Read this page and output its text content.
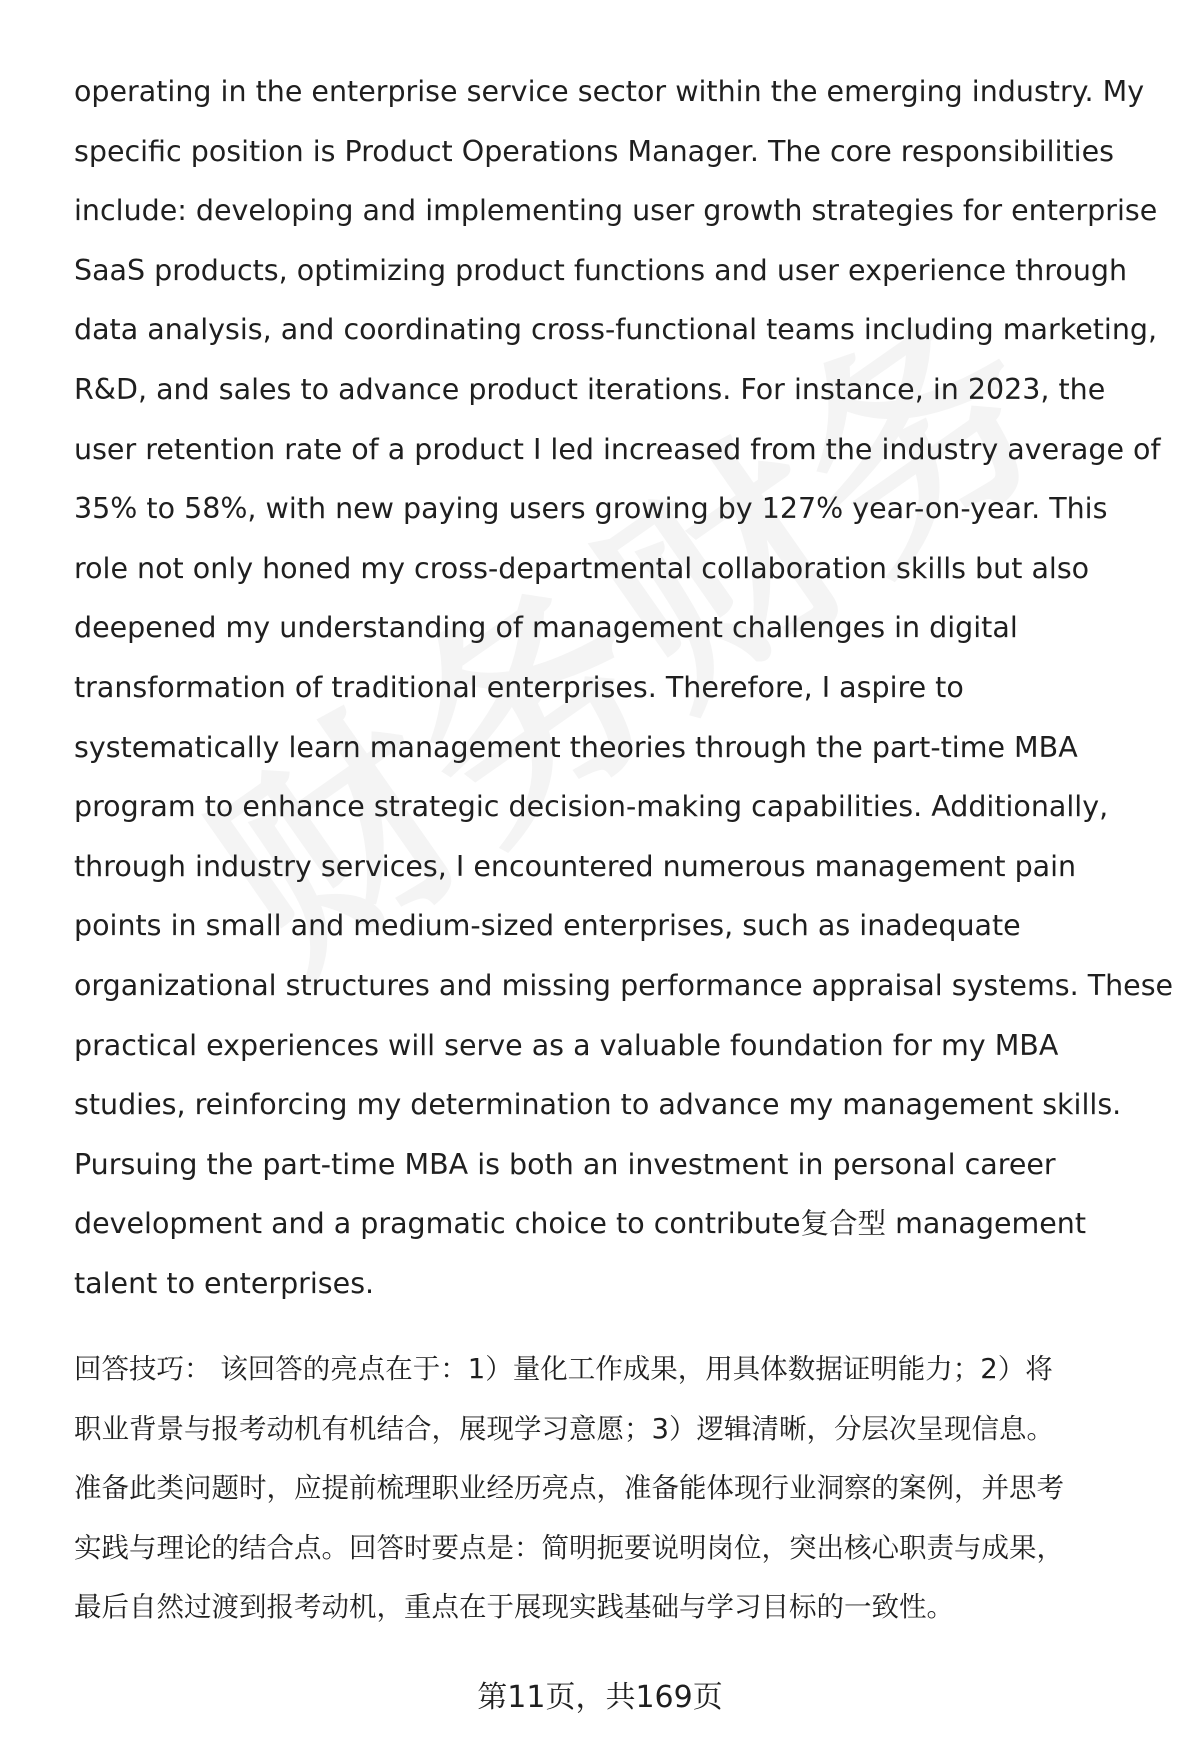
operating in the enterprise service sector within the emerging industry. My
specific position is Product Operations Manager. The core responsibilities
include: developing and implementing user growth strategies for enterprise
SaaS products, optimizing product functions and user experience through
data analysis, and coordinating cross-functional teams including marketing,
R&D, and sales to advance product iterations. For instance, in 2023, the
user retention rate of a product I led increased from the industry average of
35% to 58%, with new paying users growing by 127% year-on-year. This
role not only honed my cross-departmental collaboration skills but also
deepened my understanding of management challenges in digital
transformation of traditional enterprises. Therefore, I aspire to
systematically learn management theories through the part-time MBA
program to enhance strategic decision-making capabilities. Additionally,
through industry services, I encountered numerous management pain
points in small and medium-sized enterprises, such as inadequate
organizational structures and missing performance appraisal systems. These
practical experiences will serve as a valuable foundation for my MBA
studies, reinforcing my determination to advance my management skills.
Pursuing the part-time MBA is both an investment in personal career
development and a pragmatic choice to contribute复合型 management
talent to enterprises.
回答技巧： 该回答的亮点在于：1）量化工作成果，用具体数据证明能力；2）将
职业背景与报考动机有机结合，展现学习意愿；3）逻辑清晰，分层次呈现信息。
准备此类问题时，应提前梳理职业经历亮点，准备能体现行业洞察的案例，并思考
实践与理论的结合点。回答时要点是：简明扼要说明岗位，突出核心职责与成果，
最后自然过渡到报考动机，重点在于展现实践基础与学习目标的一致性。
第11页，共169页
